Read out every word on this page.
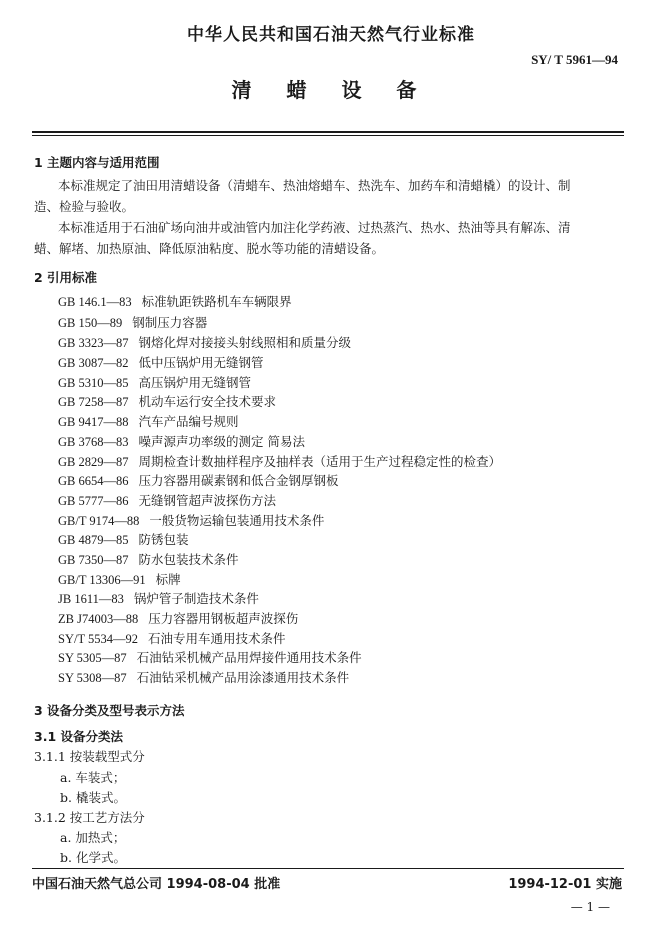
中华人民共和国石油天然气行业标准
SY/ T 5961—94
清 蜡 设 备
1 主题内容与适用范围
本标准规定了油田用清蜡设备（清蜡车、热油熔蜡车、热洗车、加药车和清蜡橇）的设计、制
造、检验与验收。
本标准适用于石油矿场向油井或油管内加注化学药液、过热蒸汽、热水、热油等具有解冻、清
蜡、解堵、加热原油、降低原油粘度、脱水等功能的清蜡设备。
2 引用标准
GB 146.1—83 标准轨距铁路机车车辆限界
GB 150—89 钢制压力容器
GB 3323—87 钢熔化焊对接接头射线照相和质量分级
GB 3087—82 低中压锅炉用无缝钢管
GB 5310—85 高压锅炉用无缝钢管
GB 7258—87 机动车运行安全技术要求
GB 9417—88 汽车产品编号规则
GB 3768—83 噪声源声功率级的测定 简易法
GB 2829—87 周期检查计数抽样程序及抽样表（适用于生产过程稳定性的检查）
GB 6654—86 压力容器用碳素钢和低合金钢厚钢板
GB 5777—86 无缝钢管超声波探伤方法
GB/T 9174—88 一般货物运输包装通用技术条件
GB 4879—85 防锈包装
GB 7350—87 防水包装技术条件
GB/T 13306—91 标牌
JB 1611—83 锅炉管子制造技术条件
ZB J74003—88 压力容器用钢板超声波探伤
SY/T 5534—92 石油专用车通用技术条件
SY 5305—87 石油钻采机械产品用焊接件通用技术条件
SY 5308—87 石油钻采机械产品用涂漆通用技术条件
3 设备分类及型号表示方法
3.1 设备分类法
3.1.1 按装载型式分
a. 车装式；
b. 橇装式。
3.1.2 按工艺方法分
a. 加热式；
b. 化学式。
中国石油天然气总公司 1994-08-04 批准	1994-12-01 实施
— 1 —
